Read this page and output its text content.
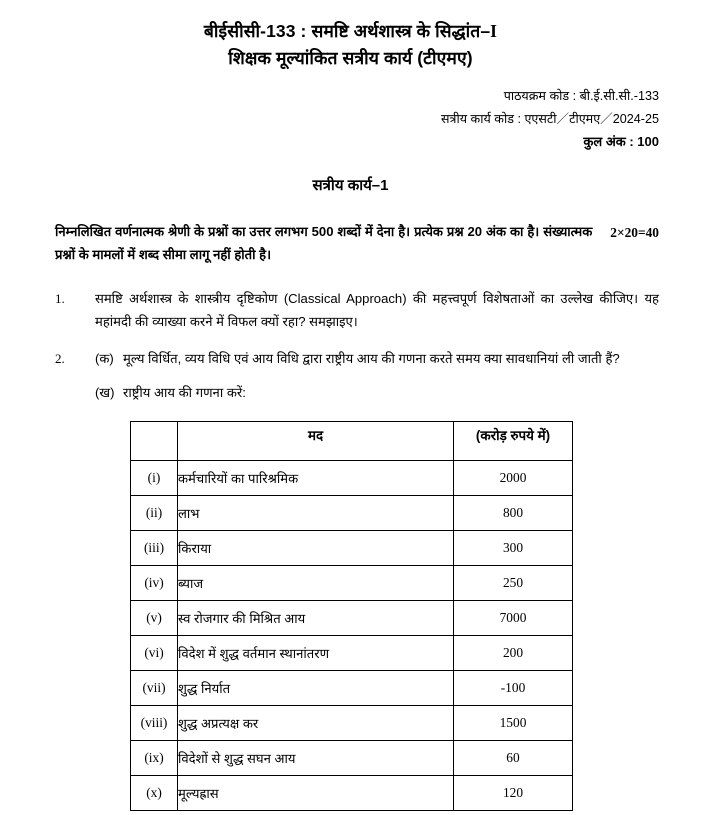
बीईसीसी-133 : समष्टि अर्थशास्त्र के सिद्धांत–I
शिक्षक मूल्यांकित सत्रीय कार्य (टीएमए)
पाठ‌यक्रम कोड : बी.ई.सी.सी.-133
सत्रीय कार्य कोड : एएसटी／टीएमए／2024-25
कुल अंक : 100
सत्रीय कार्य–1
2×20=40
निम्नलिखित वर्णनात्मक श्रेणी के प्रश्नों का उत्तर लगभग 500 शब्दों में देना है। प्रत्येक प्रश्न 20 अंक का है। संख्यात्मक प्रश्नों के मामलों में शब्द सीमा लागू नहीं होती है।
1.	समष्टि अर्थशास्त्र के शास्त्रीय दृष्टिकोण (Classical Approach) की महत्त्वपूर्ण विशेषताओं का उल्लेख कीजिए। यह महांमदी की व्याख्या करने में विफल क्यों रहा? समझाइए।
2.	(क) मूल्य विर्धित, व्यय विधि एवं आय विधि द्वारा राष्ट्रीय आय की गणना करते समय क्या सावधानियां ली जाती हैं?
(ख) राष्ट्रीय आय की गणना करें:
	मद	(करोड़ रुपये में)
(i)	कर्मचारियों का पारिश्रमिक	2000
(ii)	लाभ	800
(iii)	किराया	300
(iv)	ब्याज	250
(v)	स्व रोजगार की मिश्रित आय	7000
(vi)	विदेश में शुद्ध वर्तमान स्थानांतरण	200
(vii)	शुद्ध निर्यात	-100
(viii)	शुद्ध अप्रत्यक्ष कर	1500
(ix)	विदेशों से शुद्ध सघन आय	60
(x)	मूल्यह्रास	120
